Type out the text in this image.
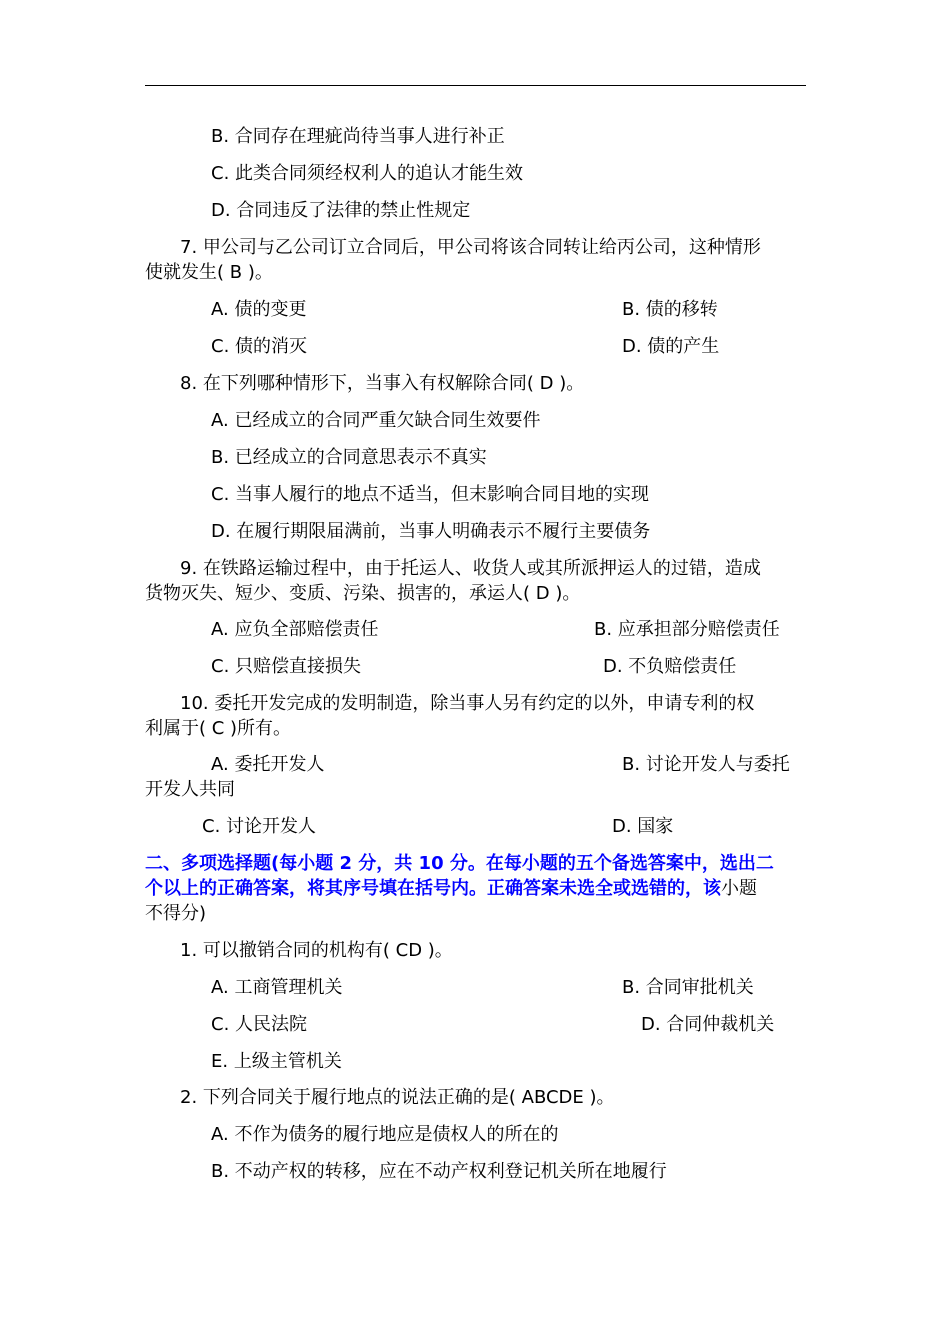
B. 合同存在理疵尚待当事人进行补正
C. 此类合同须经权利人的追认才能生效
D. 合同违反了法律的禁止性规定
7. 甲公司与乙公司订立合同后，甲公司将该合同转让给丙公司，这种情形
使就发生( B )。
A. 债的变更	B. 债的移转
C. 债的消灭	D. 债的产生
8. 在下列哪种情形下，当事入有权解除合同( D )。
A. 已经成立的合同严重欠缺合同生效要件
B. 已经成立的合同意思表示不真实
C. 当事人履行的地点不适当，但末影响合同目地的实现
D. 在履行期限届满前，当事人明确表示不履行主要债务
9. 在铁路运输过程中，由于托运人、收货人或其所派押运人的过错，造成
货物灭失、短少、变质、污染、损害的，承运人( D )。
A. 应负全部赔偿责任	B. 应承担部分赔偿责任
C. 只赔偿直接损失	D. 不负赔偿责任
10. 委托开发完成的发明制造，除当事人另有约定的以外，申请专利的权
利属于( C )所有。
A. 委托开发人	B. 讨论开发人与委托
开发人共同
C. 讨论开发人	D. 国家
二、多项选择题(每小题 2 分，共 10 分。在每小题的五个备选答案中，选出二
个以上的正确答案，将其序号填在括号内。正确答案未选全或选错的，该小题
不得分)
1. 可以撤销合同的机构有( CD )。
A. 工商管理机关	B. 合同审批机关
C. 人民法院	D. 合同仲裁机关
E. 上级主管机关
2. 下列合同关于履行地点的说法正确的是( ABCDE )。
A. 不作为债务的履行地应是债权人的所在的
B. 不动产权的转移，应在不动产权利登记机关所在地履行
